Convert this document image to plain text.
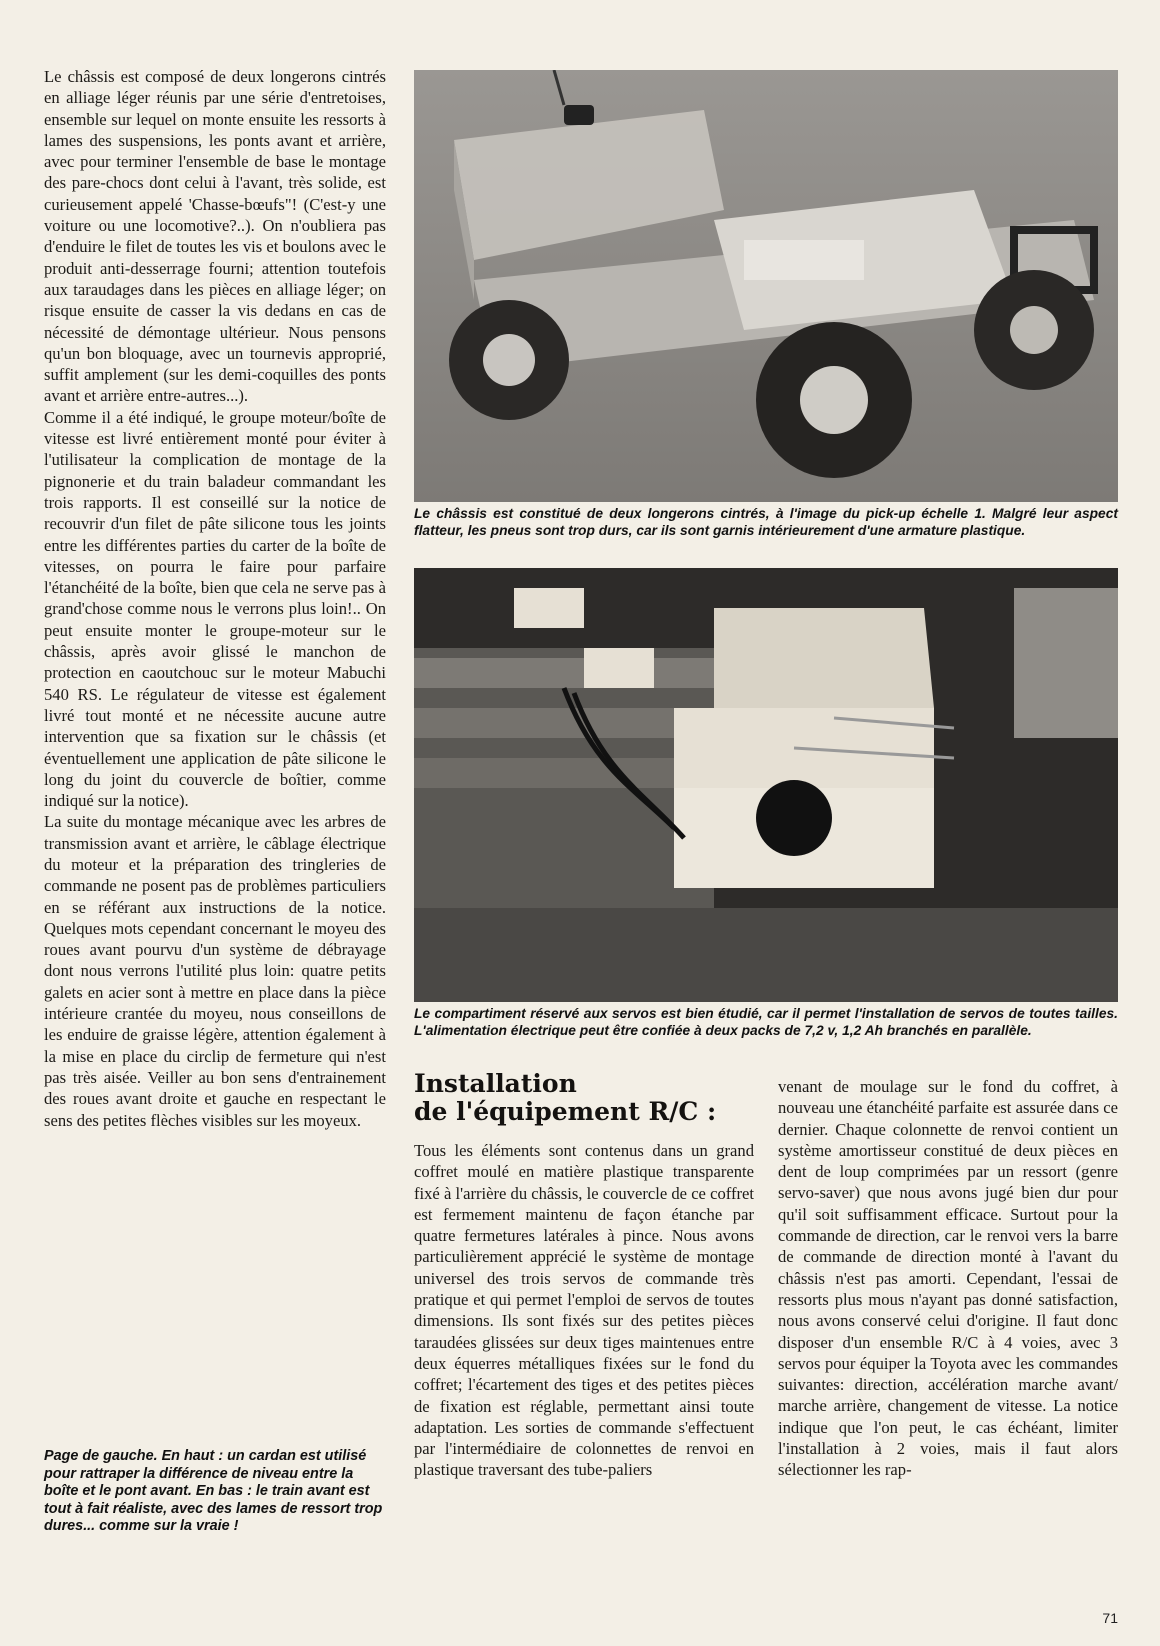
Le châssis est composé de deux longerons cintrés en alliage léger réunis par une série d'entretoises, ensemble sur lequel on monte ensuite les ressorts à lames des suspensions, les ponts avant et arrière, avec pour terminer l'ensemble de base le montage des pare-chocs dont celui à l'avant, très solide, est curieusement appelé 'Chasse-bœufs"! (C'est-y une voiture ou une locomotive?..). On n'oubliera pas d'enduire le filet de toutes les vis et boulons avec le produit anti-desserrage fourni; attention toutefois aux taraudages dans les pièces en alliage léger; on risque ensuite de casser la vis dedans en cas de nécessité de démontage ultérieur. Nous pensons qu'un bon bloquage, avec un tournevis approprié, suffit amplement (sur les demi-coquilles des ponts avant et arrière entre-autres...).

Comme il a été indiqué, le groupe moteur/boîte de vitesse est livré entièrement monté pour éviter à l'utilisateur la complication de montage de la pignonerie et du train baladeur commandant les trois rapports. Il est conseillé sur la notice de recouvrir d'un filet de pâte silicone tous les joints entre les différentes parties du carter de la boîte de vitesses, on pourra le faire pour parfaire l'étanchéité de la boîte, bien que cela ne serve pas à grand'chose comme nous le verrons plus loin!.. On peut ensuite monter le groupe-moteur sur le châssis, après avoir glissé le manchon de protection en caoutchouc sur le moteur Mabuchi 540 RS. Le régulateur de vitesse est également livré tout monté et ne nécessite aucune autre intervention que sa fixation sur le châssis (et éventuellement une application de pâte silicone le long du joint du couvercle de boîtier, comme indiqué sur la notice).

La suite du montage mécanique avec les arbres de transmission avant et arrière, le câblage électrique du moteur et la préparation des tringleries de commande ne posent pas de problèmes particuliers en se référant aux instructions de la notice. Quelques mots cependant concernant le moyeu des roues avant pourvu d'un système de débrayage dont nous verrons l'utilité plus loin: quatre petits galets en acier sont à mettre en place dans la pièce intérieure crantée du moyeu, nous conseillons de les enduire de graisse légère, attention également à la mise en place du circlip de fermeture qui n'est pas très aisée. Veiller au bon sens d'entrainement des roues avant droite et gauche en respectant le sens des petites flèches visibles sur les moyeux.

Page de gauche. En haut : un cardan est utilisé pour rattraper la différence de niveau entre la boîte et le pont avant. En bas : le train avant est tout à fait réaliste, avec des lames de ressort trop dures... comme sur la vraie !
Le châssis est constitué de deux longerons cintrés, à l'image du pick-up échelle 1. Malgré leur aspect flatteur, les pneus sont trop durs, car ils sont garnis intérieurement d'une armature plastique.
Le compartiment réservé aux servos est bien étudié, car il permet l'installation de servos de toutes tailles. L'alimentation électrique peut être confiée à deux packs de 7,2 v, 1,2 Ah branchés en parallèle.
Installation
de l'équipement R/C :

Tous les éléments sont contenus dans un grand coffret moulé en matière plastique transparente fixé à l'arrière du châssis, le couvercle de ce coffret est fermement maintenu de façon étanche par quatre fermetures latérales à pince. Nous avons particulièrement apprécié le système de montage universel des trois servos de commande très pratique et qui permet l'emploi de servos de toutes dimensions. Ils sont fixés sur des petites pièces taraudées glissées sur deux tiges maintenues entre deux équerres métalliques fixées sur le fond du coffret; l'écartement des tiges et des petites pièces de fixation est réglable, permettant ainsi toute adaptation. Les sorties de commande s'effectuent par l'intermédiaire de colonnettes de renvoi en plastique traversant des tube-paliers

venant de moulage sur le fond du coffret, à nouveau une étanchéité parfaite est assurée dans ce dernier. Chaque colonnette de renvoi contient un système amortisseur constitué de deux pièces en dent de loup comprimées par un ressort (genre servo-saver) que nous avons jugé bien dur pour qu'il soit suffisamment efficace. Surtout pour la commande de direction, car le renvoi vers la barre de commande de direction monté à l'avant du châssis n'est pas amorti. Cependant, l'essai de ressorts plus mous n'ayant pas donné satisfaction, nous avons conservé celui d'origine. Il faut donc disposer d'un ensemble R/C à 4 voies, avec 3 servos pour équiper la Toyota avec les commandes suivantes: direction, accélération marche avant/ marche arrière, changement de vitesse. La notice indique que l'on peut, le cas échéant, limiter l'installation à 2 voies, mais il faut alors sélectionner les rap-

71
